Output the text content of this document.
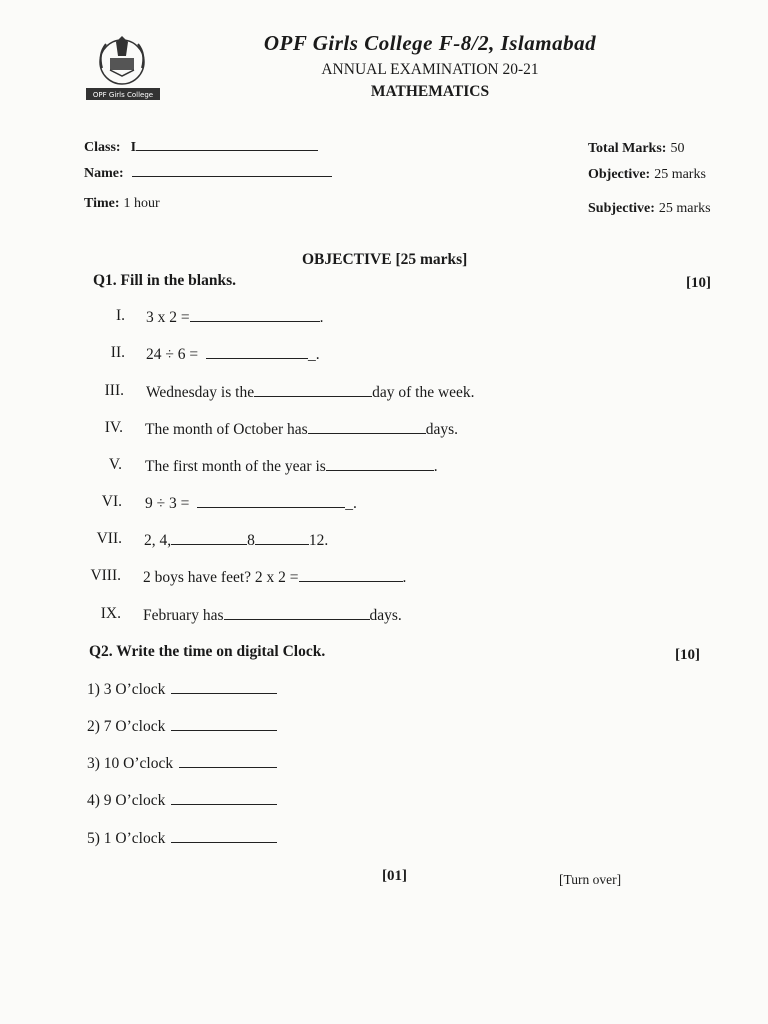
OPF Girls College
OPF Girls College F-8/2, Islamabad
ANNUAL EXAMINATION 20-21
MATHEMATICS
Class: I
Name:
Time: 1 hour
Total Marks: 50
Objective: 25 marks
Subjective: 25 marks
OBJECTIVE [25 marks]
Q1. Fill in the blanks.	[10]
I. 3 x 2 =	.
II. 24 ÷ 6 =	_.
III. Wednesday is the	day of the week.
IV. The month of October has	days.
V. The first month of the year is	.
VI. 9 ÷ 3 =	_.
VII. 2, 4,	8	12.
VIII. 2 boys have feet? 2 x 2 =	.
IX. February has	days.
Q2. Write the time on digital Clock.	[10]
1) 3 O’clock
2) 7 O’clock
3) 10 O’clock
4) 9 O’clock
5) 1 O’clock
[01]	[Turn over]
